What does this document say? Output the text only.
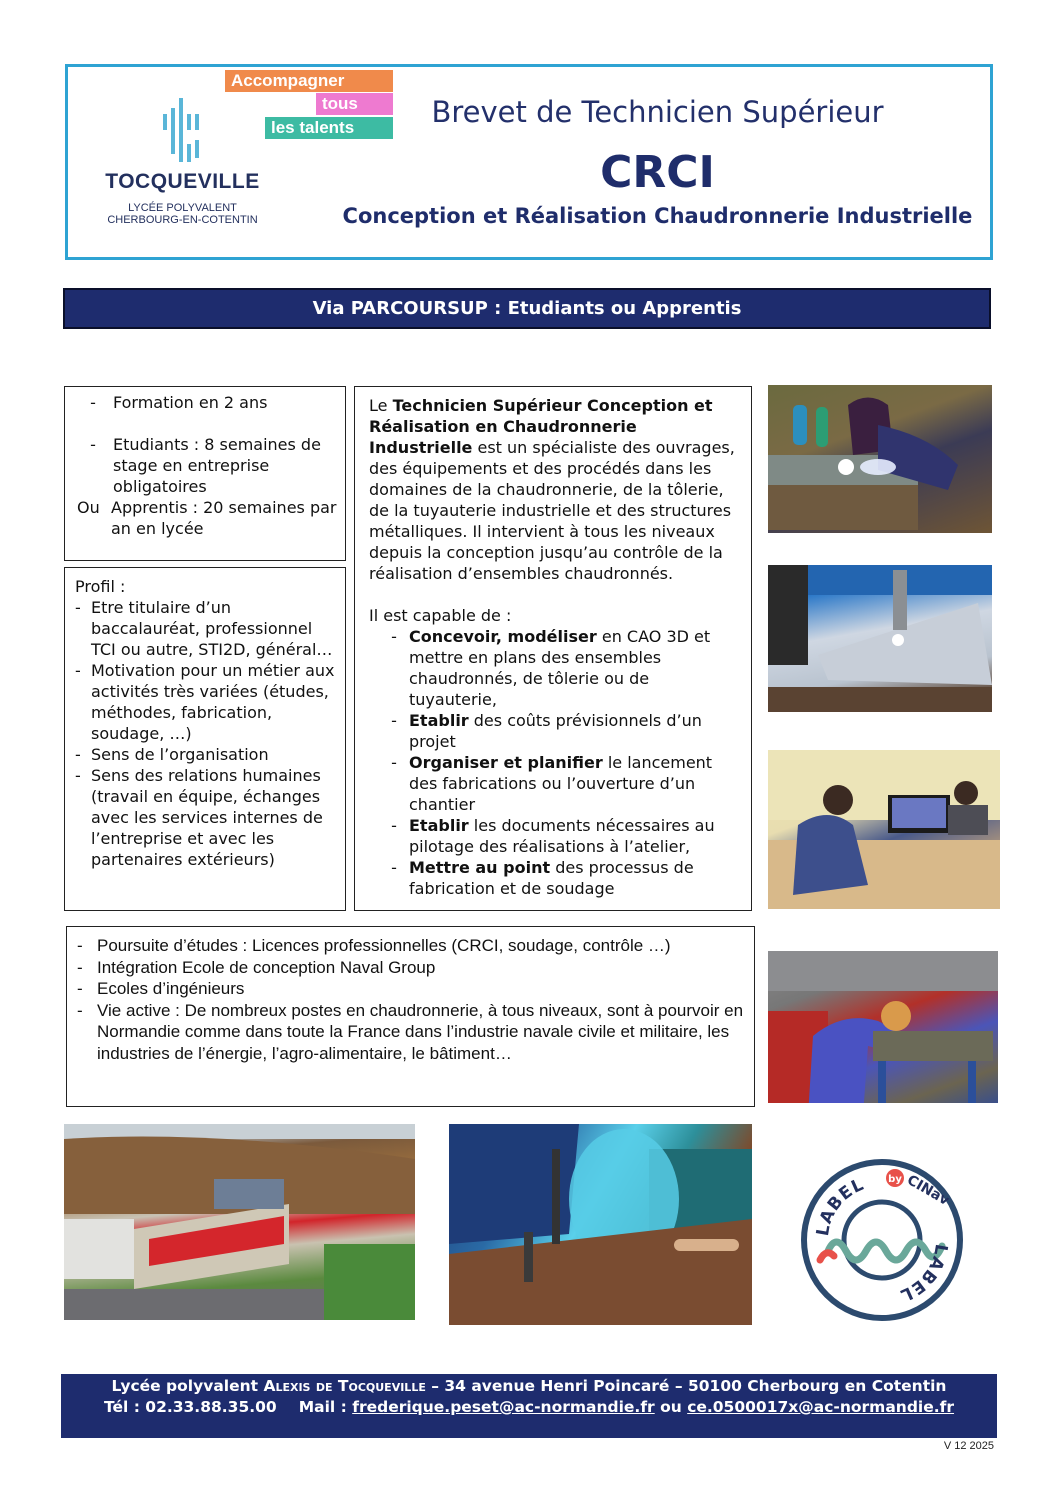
Accompagner
tous
les talents
TOCQUEVILLE
LYCÉE POLYVALENT
CHERBOURG-EN-COTENTIN
Brevet de Technicien Supérieur
CRCI
Conception et Réalisation Chaudronnerie Industrielle
Via PARCOURSUP : Etudiants ou Apprentis
-	Formation en 2 ans
-	Etudiants : 8 semaines de stage en entreprise obligatoires
Ou Apprentis : 20 semaines par an en lycée
Profil :
- Etre titulaire d’un baccalauréat, professionnel TCI ou autre, STI2D, général…
- Motivation pour un métier aux activités très variées (études, méthodes, fabrication, soudage, …)
- Sens de l’organisation
- Sens des relations humaines (travail en équipe, échanges avec les services internes de l’entreprise et avec les partenaires extérieurs)
Le Technicien Supérieur Conception et Réalisation en Chaudronnerie Industrielle est un spécialiste des ouvrages, des équipements et des procédés dans les domaines de la chaudronnerie, de la tôlerie, de la tuyauterie industrielle et des structures métalliques. Il intervient à tous les niveaux depuis la conception jusqu’au contrôle de la réalisation d’ensembles chaudronnés.
Il est capable de :
- Concevoir, modéliser en CAO 3D et mettre en plans des ensembles chaudronnés, de tôlerie ou de tuyauterie,
- Etablir des coûts prévisionnels d’un projet
- Organiser et planifier le lancement des fabrications ou l’ouverture d’un chantier
- Etablir les documents nécessaires au pilotage des réalisations à l’atelier,
- Mettre au point des processus de fabrication et de soudage
- Poursuite d’études : Licences professionnelles (CRCI, soudage, contrôle …)
- Intégration Ecole de conception Naval Group
- Ecoles d’ingénieurs
- Vie active : De nombreux postes en chaudronnerie, à tous niveaux, sont à pourvoir en Normandie comme dans toute la France dans l’industrie navale civile et militaire, les industries de l’énergie, l’agro-alimentaire, le bâtiment…
LABEL
LABEL
by CINav
Lycée polyvalent Alexis de Tocqueville – 34 avenue Henri Poincaré – 50100 Cherbourg en Cotentin
Tél : 02.33.88.35.00 Mail : frederique.peset@ac-normandie.fr ou ce.0500017x@ac-normandie.fr
V 12 2025
